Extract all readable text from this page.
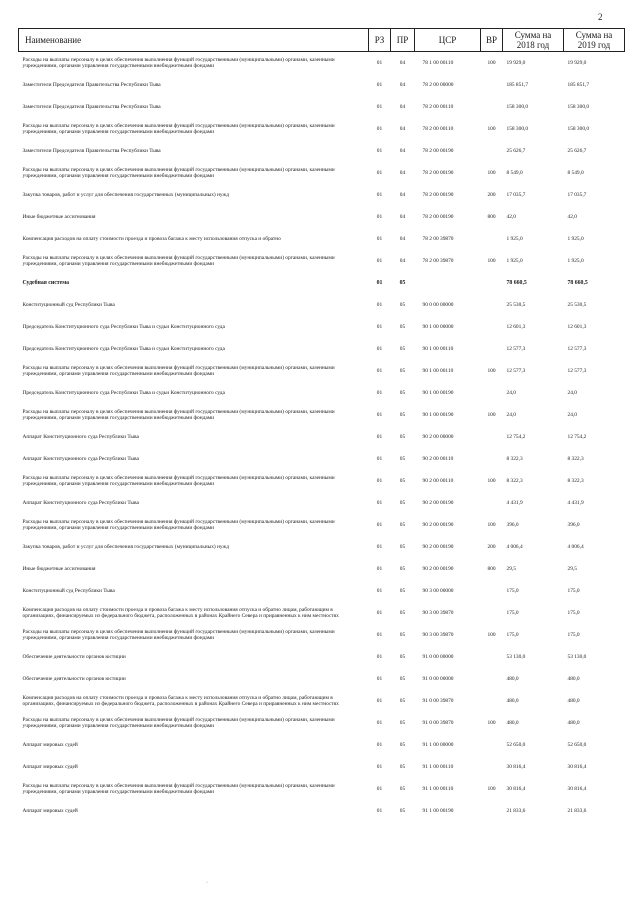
2
Наименование	РЗ	ПР	ЦСР	ВР	Сумма на 2018 год	Сумма на 2019 год
Расходы на выплаты персоналу в целях обеспечения выполнения функций государственными (муниципальными) органами, казенными учреждениями, органами управления государственными внебюджетными фондами	01	04	78 1 00 00110	100	19 929,0	19 929,0
Заместители Председателя Правительства Республики Тыва	01	04	78 2 00 00000		185 851,7	185 851,7
Заместители Председателя Правительства Республики Тыва	01	04	78 2 00 00110		158 300,0	158 300,0
Расходы на выплаты персоналу в целях обеспечения выполнения функций государственными (муниципальными) органами, казенными учреждениями, органами управления государственными внебюджетными фондами	01	04	78 2 00 00110	100	158 300,0	158 300,0
Заместители Председателя Правительства Республики Тыва	01	04	78 2 00 00190		25 626,7	25 626,7
Расходы на выплаты персоналу в целях обеспечения выполнения функций государственными (муниципальными) органами, казенными учреждениями, органами управления государственными внебюджетными фондами	01	04	78 2 00 00190	100	8 549,0	8 549,0
Закупка товаров, работ и услуг для обеспечения государственных (муниципальных) нужд	01	04	78 2 00 00190	200	17 035,7	17 035,7
Иные бюджетные ассигнования	01	04	78 2 00 00190	800	42,0	42,0
Компенсация расходов на оплату стоимости проезда и провоза багажа к месту использования отпуска и обратно	01	04	78 2 00 39870		1 925,0	1 925,0
Расходы на выплаты персоналу в целях обеспечения выполнения функций государственными (муниципальными) органами, казенными учреждениями, органами управления государственными внебюджетными фондами	01	04	78 2 00 39870	100	1 925,0	1 925,0
Судебная система	01	05			78 660,5	78 660,5
Конституционный суд Республики Тыва	01	05	90 0 00 00000		25 530,5	25 530,5
Председатель Конституционного суда Республики Тыва и судьи Конституционного суда	01	05	90 1 00 00000		12 601,3	12 601,3
Председатель Конституционного суда Республики Тыва и судьи Конституционного суда	01	05	90 1 00 00110		12 577,3	12 577,3
Расходы на выплаты персоналу в целях обеспечения выполнения функций государственными (муниципальными) органами, казенными учреждениями, органами управления государственными внебюджетными фондами	01	05	90 1 00 00110	100	12 577,3	12 577,3
Председатель Конституционного суда Республики Тыва и судьи Конституционного суда	01	05	90 1 00 00190		24,0	24,0
Расходы на выплаты персоналу в целях обеспечения выполнения функций государственными (муниципальными) органами, казенными учреждениями, органами управления государственными внебюджетными фондами	01	05	90 1 00 00190	100	24,0	24,0
Аппарат Конституционного суда Республики Тыва	01	05	90 2 00 00000		12 754,2	12 754,2
Аппарат Конституционного суда Республики Тыва	01	05	90 2 00 00110		8 322,3	8 322,3
Расходы на выплаты персоналу в целях обеспечения выполнения функций государственными (муниципальными) органами, казенными учреждениями, органами управления государственными внебюджетными фондами	01	05	90 2 00 00110	100	8 322,3	8 322,3
Аппарат Конституционного суда Республики Тыва	01	05	90 2 00 00190		4 431,9	4 431,9
Расходы на выплаты персоналу в целях обеспечения выполнения функций государственными (муниципальными) органами, казенными учреждениями, органами управления государственными внебюджетными фондами	01	05	90 2 00 00190	100	396,0	396,0
Закупка товаров, работ и услуг для обеспечения государственных (муниципальных) нужд	01	05	90 2 00 00190	200	4 006,4	4 006,4
Иные бюджетные ассигнования	01	05	90 2 00 00190	800	29,5	29,5
Конституционный суд Республики Тыва	01	05	90 3 00 00000		175,0	175,0
Компенсация расходов на оплату стоимости проезда и провоза багажа к месту использования отпуска и обратно лицам, работающим в организациях, финансируемых из федерального бюджета, расположенных в районах Крайнего Севера и приравненных к ним местностях	01	05	90 3 00 39870		175,0	175,0
Расходы на выплаты персоналу в целях обеспечения выполнения функций государственными (муниципальными) органами, казенными учреждениями, органами управления государственными внебюджетными фондами	01	05	90 3 00 39870	100	175,0	175,0
Обеспечение деятельности органов юстиции	01	05	91 0 00 00000		53 130,0	53 130,0
Обеспечение деятельности органов юстиции	01	05	91 0 00 00000		480,0	480,0
Компенсация расходов на оплату стоимости проезда и провоза багажа к месту использования отпуска и обратно лицам, работающим в организациях, финансируемых из федерального бюджета, расположенных в районах Крайнего Севера и приравненных к ним местностях	01	05	91 0 00 39870		480,0	480,0
Расходы на выплаты персоналу в целях обеспечения выполнения функций государственными (муниципальными) органами, казенными учреждениями, органами управления государственными внебюджетными фондами	01	05	91 0 00 39870	100	480,0	480,0
Аппарат мировых судей	01	05	91 1 00 00000		52 650,0	52 650,0
Аппарат мировых судей	01	05	91 1 00 00110		30 816,4	30 816,4
Расходы на выплаты персоналу в целях обеспечения выполнения функций государственными (муниципальными) органами, казенными учреждениями, органами управления государственными внебюджетными фондами	01	05	91 1 00 00110	100	30 816,4	30 816,4
Аппарат мировых судей	01	05	91 1 00 00190		21 833,6	21 833,6
·
